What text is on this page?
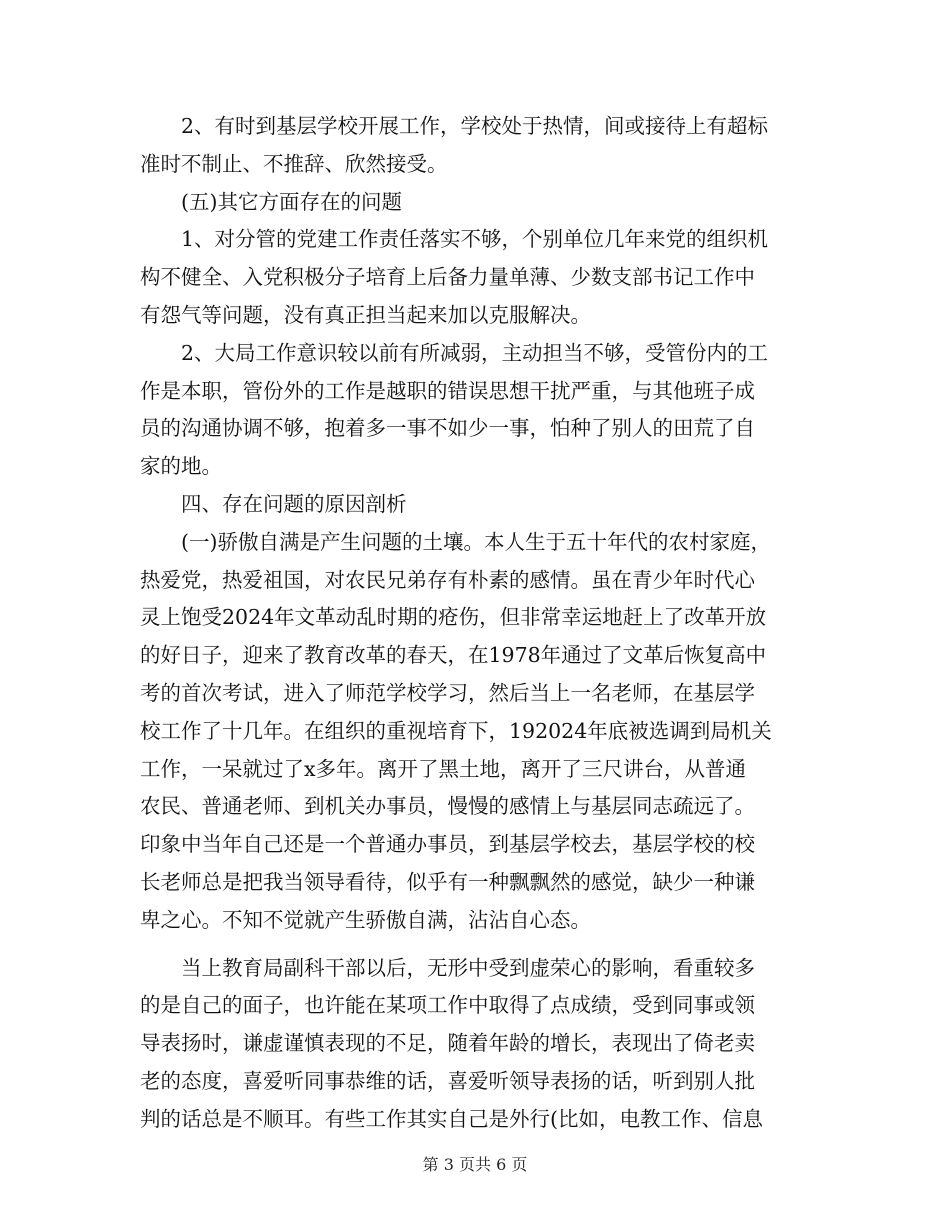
　　2、有时到基层学校开展工作，学校处于热情，间或接待上有超标
准时不制止、不推辞、欣然接受。
　　(五)其它方面存在的问题
　　1、对分管的党建工作责任落实不够，个别单位几年来党的组织机
构不健全、入党积极分子培育上后备力量单薄、少数支部书记工作中
有怨气等问题，没有真正担当起来加以克服解决。
　　2、大局工作意识较以前有所减弱，主动担当不够，受管份内的工
作是本职，管份外的工作是越职的错误思想干扰严重，与其他班子成
员的沟通协调不够，抱着多一事不如少一事，怕种了别人的田荒了自
家的地。
　　四、存在问题的原因剖析
　　(一)骄傲自满是产生问题的土壤。本人生于五十年代的农村家庭，
热爱党，热爱祖国，对农民兄弟存有朴素的感情。虽在青少年时代心
灵上饱受2024年文革动乱时期的疮伤，但非常幸运地赶上了改革开放
的好日子，迎来了教育改革的春天，在1978年通过了文革后恢复高中
考的首次考试，进入了师范学校学习，然后当上一名老师，在基层学
校工作了十几年。在组织的重视培育下，192024年底被选调到局机关
工作，一呆就过了x多年。离开了黑土地，离开了三尺讲台，从普通
农民、普通老师、到机关办事员，慢慢的感情上与基层同志疏远了。
印象中当年自己还是一个普通办事员，到基层学校去，基层学校的校
长老师总是把我当领导看待，似乎有一种飘飘然的感觉，缺少一种谦
卑之心。不知不觉就产生骄傲自满，沾沾自心态。
　　当上教育局副科干部以后，无形中受到虚荣心的影响，看重较多
的是自己的面子，也许能在某项工作中取得了点成绩，受到同事或领
导表扬时，谦虚谨慎表现的不足，随着年龄的增长，表现出了倚老卖
老的态度，喜爱听同事恭维的话，喜爱听领导表扬的话，听到别人批
判的话总是不顺耳。有些工作其实自己是外行(比如，电教工作、信息
第 3 页共 6 页
